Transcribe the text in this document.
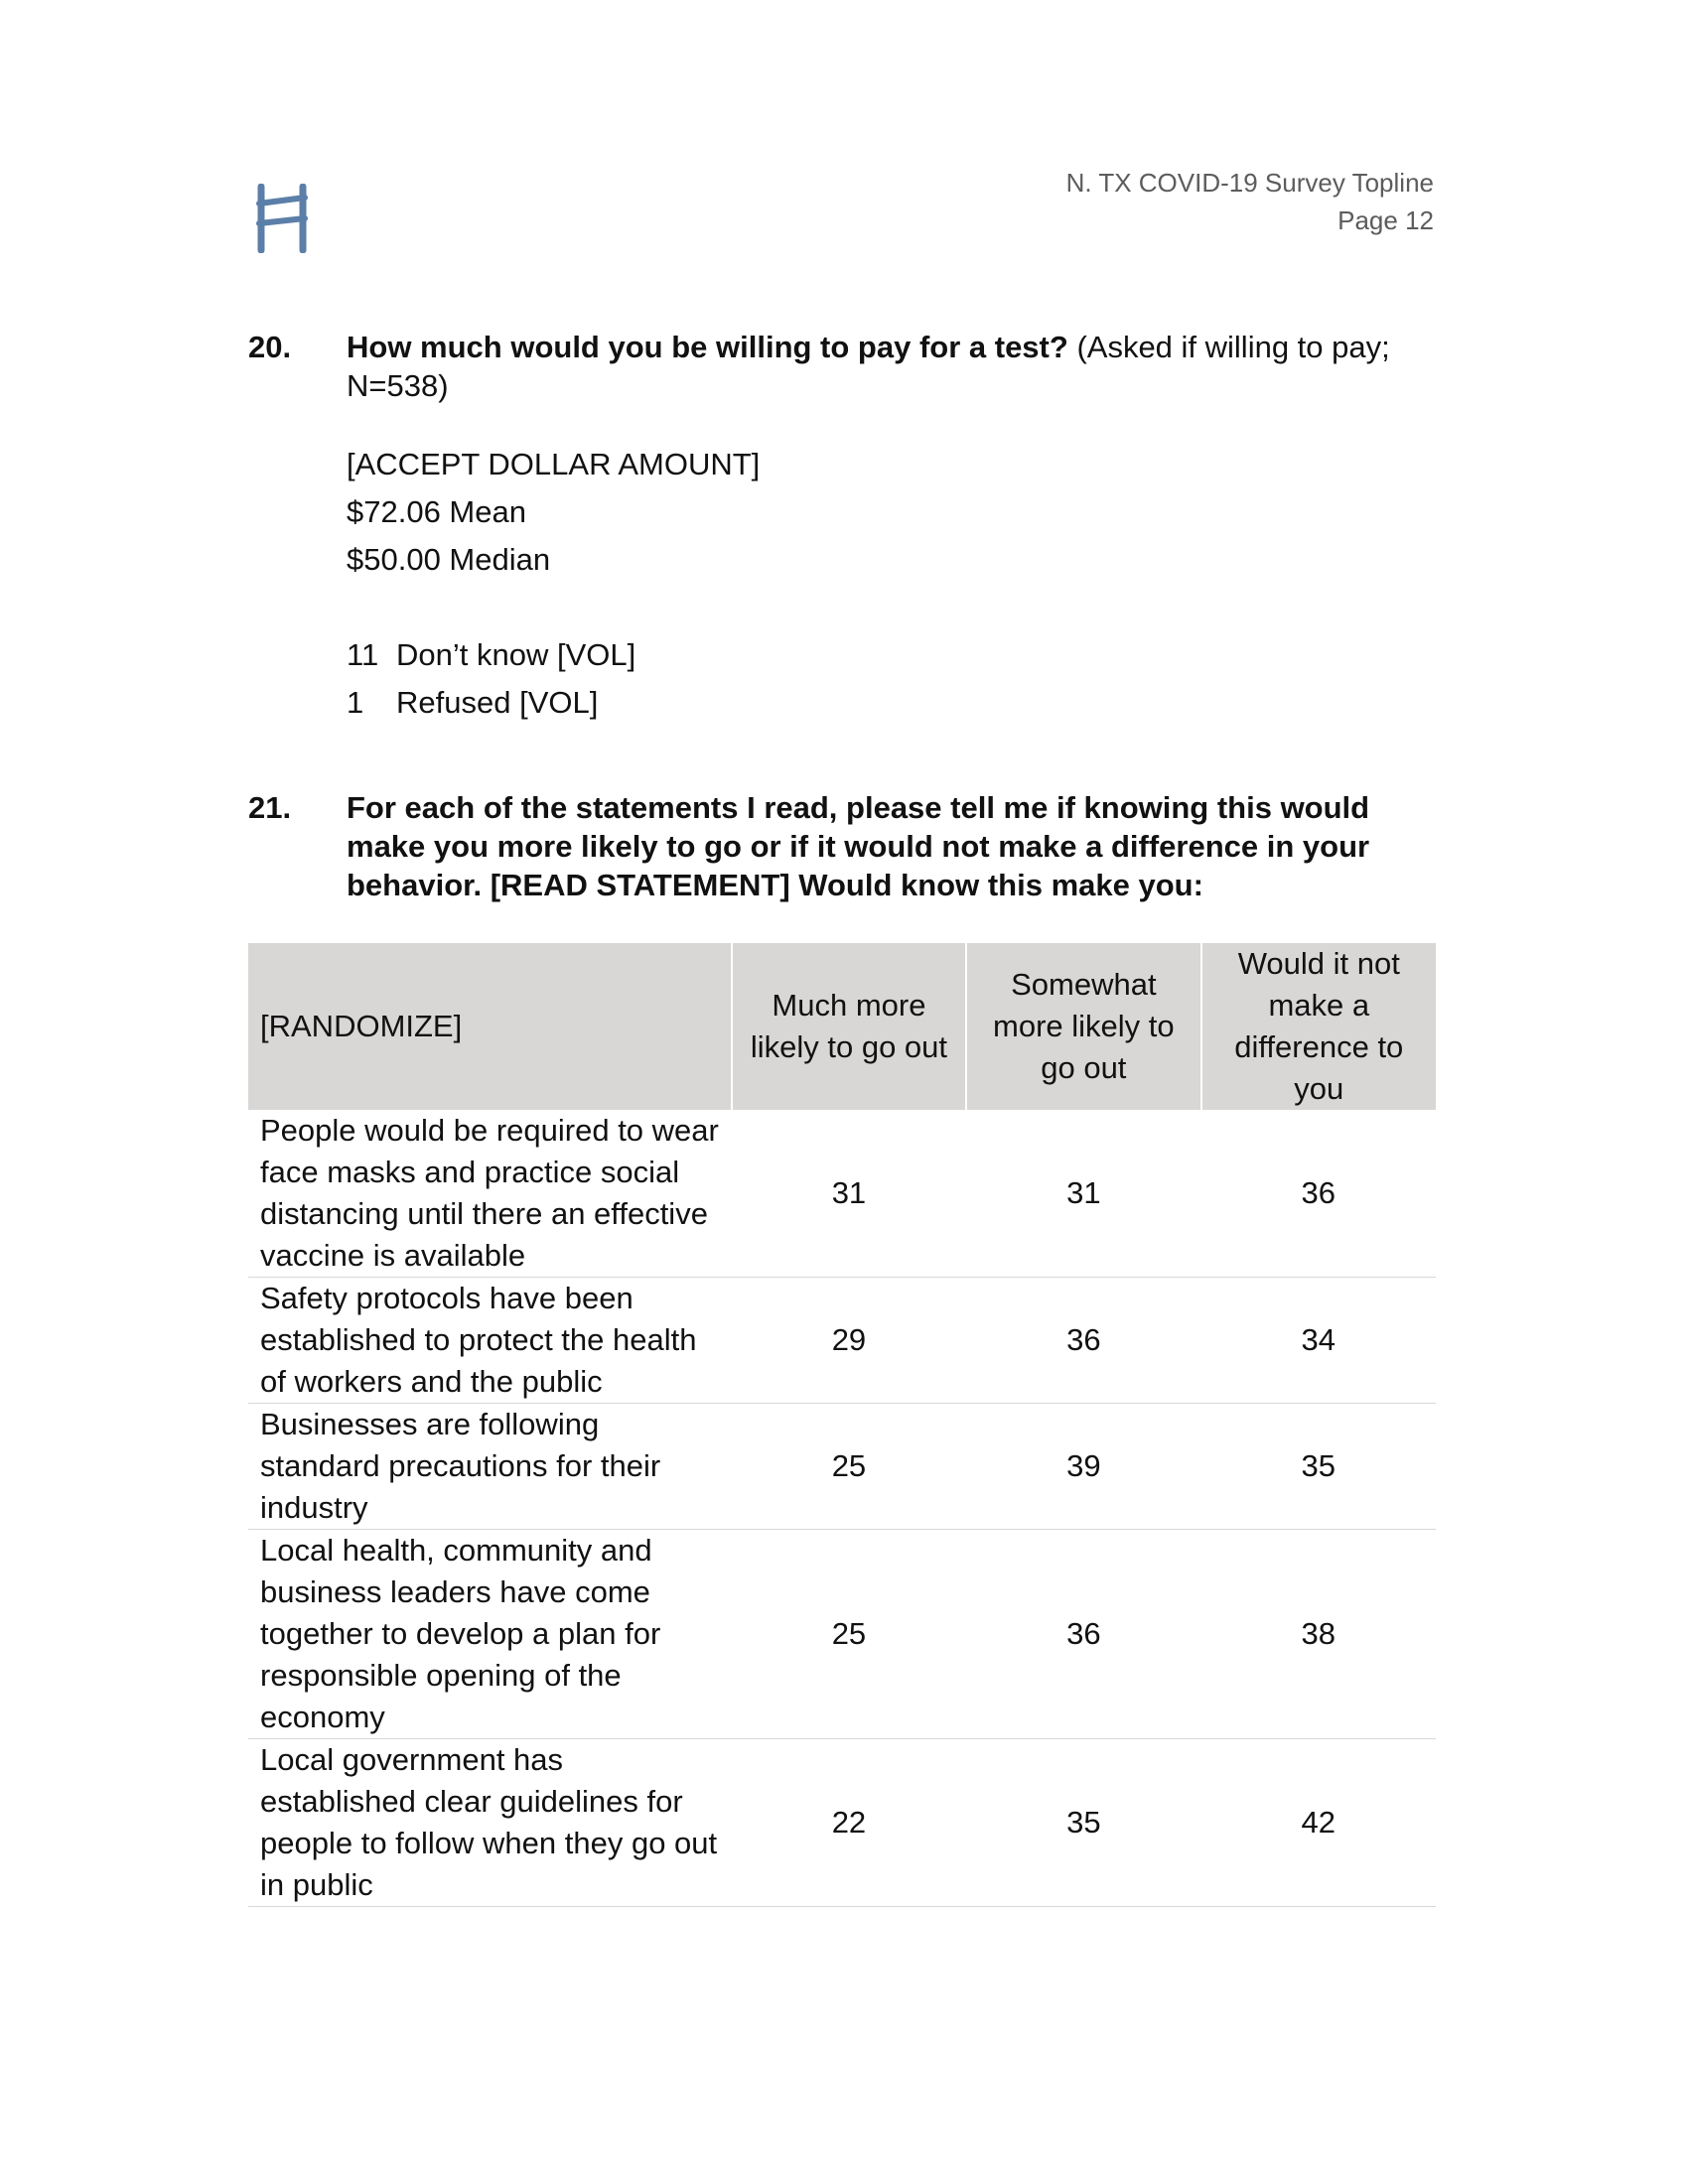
N. TX COVID-19 Survey Topline
Page 12
20. How much would you be willing to pay for a test? (Asked if willing to pay; N=538)
[ACCEPT DOLLAR AMOUNT]
$72.06 Mean
$50.00 Median
11 Don’t know [VOL]
1	Refused [VOL]
21. For each of the statements I read, please tell me if knowing this would make you more likely to go or if it would not make a difference in your behavior. [READ STATEMENT] Would know this make you:
[RANDOMIZE]	Much more likely to go out	Somewhat more likely to go out	Would it not make a difference to you
People would be required to wear face masks and practice social distancing until there an effective vaccine is available	31	31	36
Safety protocols have been established to protect the health of workers and the public	29	36	34
Businesses are following standard precautions for their industry	25	39	35
Local health, community and business leaders have come together to develop a plan for responsible opening of the economy	25	36	38
Local government has established clear guidelines for people to follow when they go out in public	22	35	42
